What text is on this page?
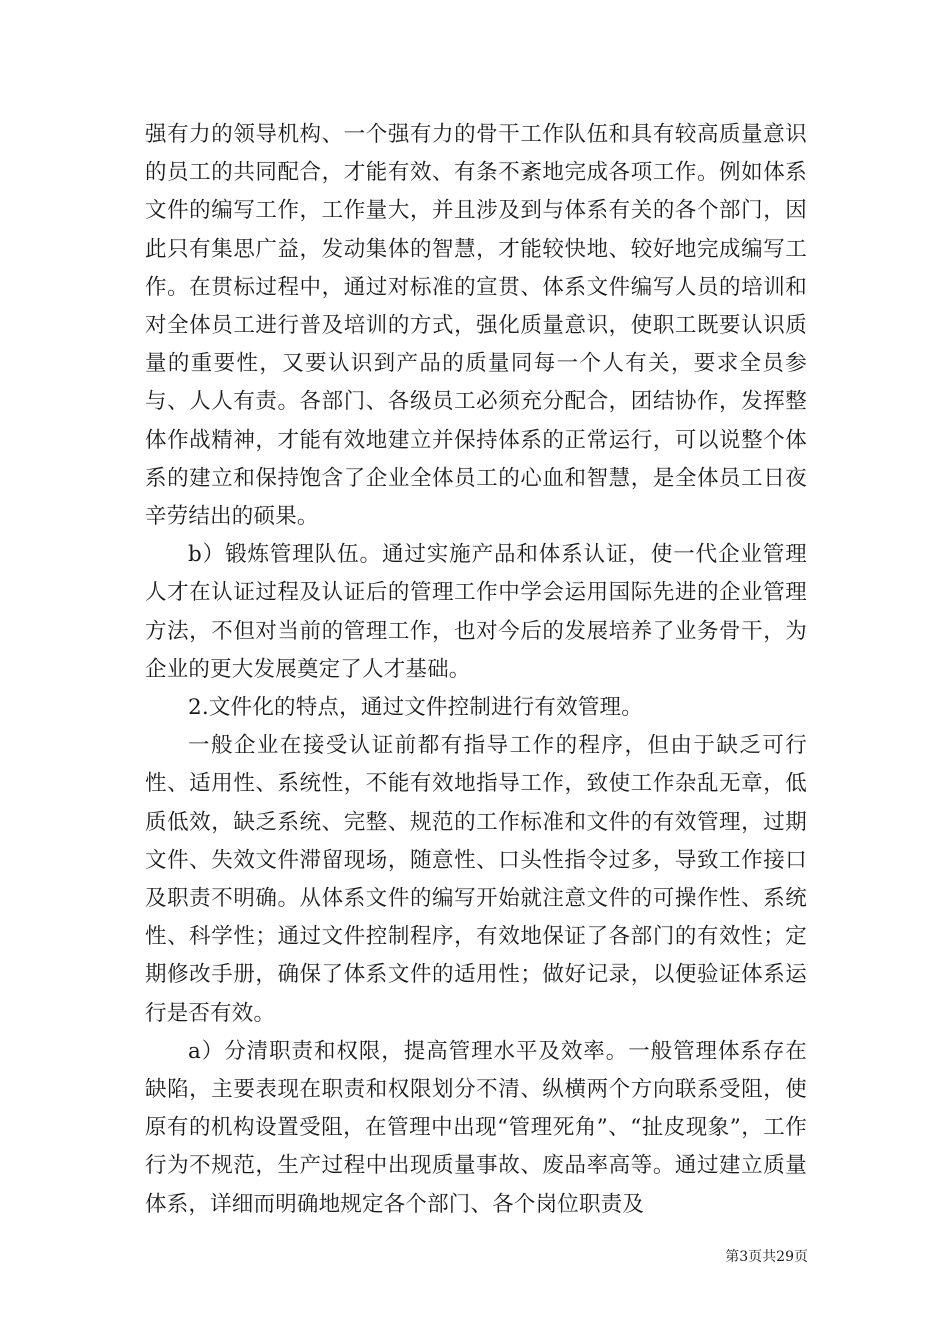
强有力的领导机构、一个强有力的骨干工作队伍和具有较高质量意识的员工的共同配合，才能有效、有条不紊地完成各项工作。例如体系文件的编写工作，工作量大，并且涉及到与体系有关的各个部门，因此只有集思广益，发动集体的智慧，才能较快地、较好地完成编写工作。在贯标过程中，通过对标准的宣贯、体系文件编写人员的培训和对全体员工进行普及培训的方式，强化质量意识，使职工既要认识质量的重要性，又要认识到产品的质量同每一个人有关，要求全员参与、人人有责。各部门、各级员工必须充分配合，团结协作，发挥整体作战精神，才能有效地建立并保持体系的正常运行，可以说整个体系的建立和保持饱含了企业全体员工的心血和智慧，是全体员工日夜辛劳结出的硕果。

b）锻炼管理队伍。通过实施产品和体系认证，使一代企业管理人才在认证过程及认证后的管理工作中学会运用国际先进的企业管理方法，不但对当前的管理工作，也对今后的发展培养了业务骨干，为企业的更大发展奠定了人才基础。

2.文件化的特点，通过文件控制进行有效管理。

一般企业在接受认证前都有指导工作的程序，但由于缺乏可行性、适用性、系统性，不能有效地指导工作，致使工作杂乱无章，低质低效，缺乏系统、完整、规范的工作标准和文件的有效管理，过期文件、失效文件滞留现场，随意性、口头性指令过多，导致工作接口及职责不明确。从体系文件的编写开始就注意文件的可操作性、系统性、科学性；通过文件控制程序，有效地保证了各部门的有效性；定期修改手册，确保了体系文件的适用性；做好记录，以便验证体系运行是否有效。

a）分清职责和权限，提高管理水平及效率。一般管理体系存在缺陷，主要表现在职责和权限划分不清、纵横两个方向联系受阻，使原有的机构设置受阻，在管理中出现“管理死角”、“扯皮现象”，工作行为不规范，生产过程中出现质量事故、废品率高等。通过建立质量体系，详细而明确地规定各个部门、各个岗位职责及

第3页共29页
